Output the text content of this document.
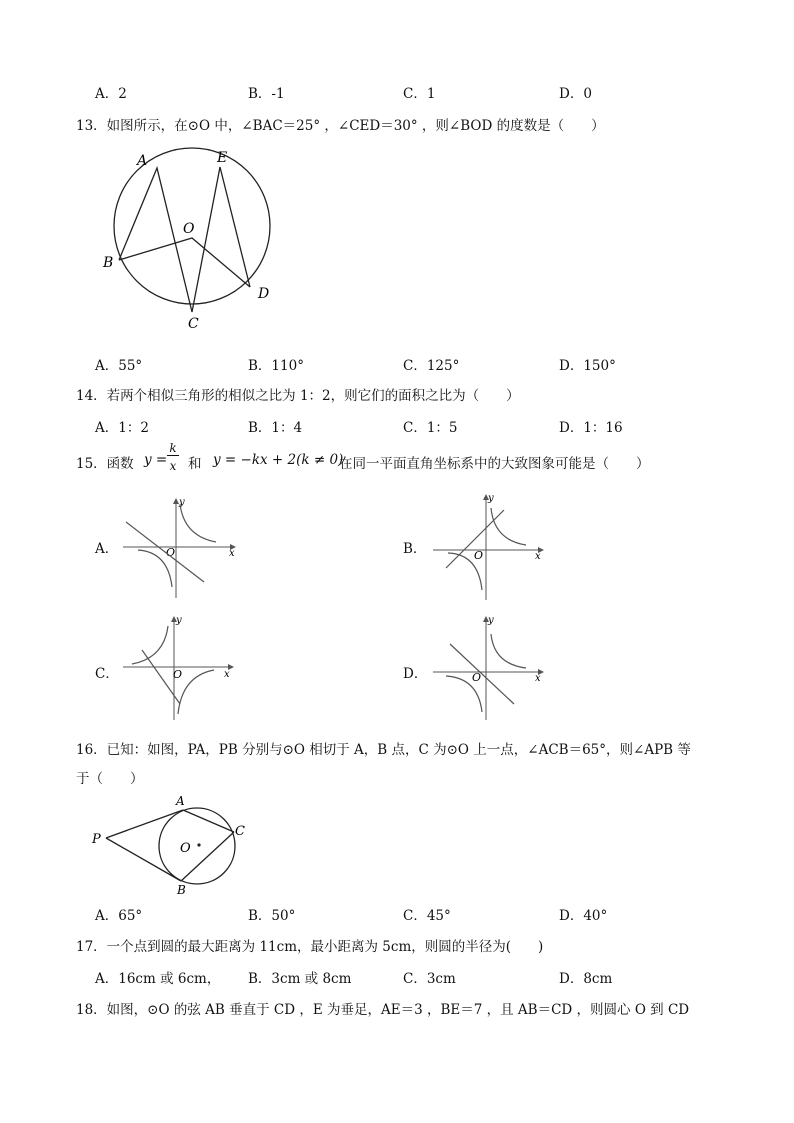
A．2	B．-1	C．1	D．0
13．如图所示，在⊙O 中，∠BAC＝25° ，∠CED＝30° ，则∠BOD 的度数是（　　）
A	E
O
B
D
C
A．55°	B．110°	C．125°	D．150°
14．若两个相似三角形的相似之比为 1：2，则它们的面积之比为（　　）
A．1：2	B．1：4	C．1：5	D．1：16
15．函数 y =
k
x 和 y = −kx + 2(k ≠ 0)
在同一平面直角坐标系中的大致图象可能是（　　）
A．	x
y
O	B．	x
y
O
C．	x
y
O	D．	x
y
O
16．已知：如图，PA，PB 分别与⊙O 相切于 A，B 点，C 为⊙O 上一点，∠ACB＝65°，则∠APB 等
于（　　）
P
A
C
O
B
A．65°	B．50°	C．45°	D．40°
17．一个点到圆的最大距离为 11cm，最小距离为 5cm，则圆的半径为(　　)
A．16cm 或 6cm， B．3cm 或 8cm	C．3cm	D．8cm
18．如图，⊙O 的弦 AB 垂直于 CD ，E 为垂足，AE＝3 ，BE＝7 ，且 AB＝CD ，则圆心 O 到 CD
